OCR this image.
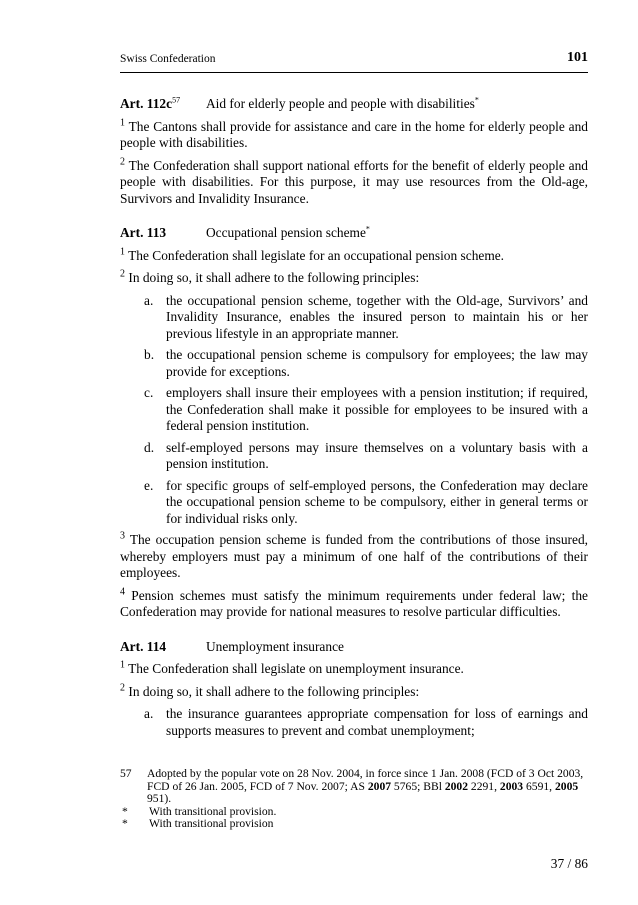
Swiss Confederation	101
Art. $112c^{57}$	Aid for elderly people and people with disabilities*

$^1$ The Cantons shall provide for assistance and care in the home for elderly people and people with disabilities.

$^2$ The Confederation shall support national efforts for the benefit of elderly people and people with disabilities. For this purpose, it may use resources from the Old-age, Survivors and Invalidity Insurance.

Art. 113	Occupational pension scheme*

$^1$ The Confederation shall legislate for an occupational pension scheme.

$^2$ In doing so, it shall adhere to the following principles:

a. the occupational pension scheme, together with the Old-age, Survivors’ and Invalidity Insurance, enables the insured person to maintain his or her previous lifestyle in an appropriate manner.
b. the occupational pension scheme is compulsory for employees; the law may provide for exceptions.
c. employers shall insure their employees with a pension institution; if required, the Confederation shall make it possible for employees to be insured with a federal pension institution.
d. self-employed persons may insure themselves on a voluntary basis with a pension institution.
e. for specific groups of self-employed persons, the Confederation may declare the occupational pension scheme to be compulsory, either in general terms or for individual risks only.

$^3$ The occupation pension scheme is funded from the contributions of those insured, whereby employers must pay a minimum of one half of the contributions of their employees.

$^4$ Pension schemes must satisfy the minimum requirements under federal law; the Confederation may provide for national measures to resolve particular difficulties.

Art. 114	Unemployment insurance

$^1$ The Confederation shall legislate on unemployment insurance.

$^2$ In doing so, it shall adhere to the following principles:

a. the insurance guarantees appropriate compensation for loss of earnings and supports measures to prevent and combat unemployment;
57	Adopted by the popular vote on 28 Nov. 2004, in force since 1 Jan. 2008 (FCD of 3 Oct 2003, FCD of 26 Jan. 2005, FCD of 7 Nov. 2007; AS 2007 5765; BBl 2002 2291, 2003 6591, 2005 951).
*	With transitional provision.
*	With transitional provision
37 / 86
